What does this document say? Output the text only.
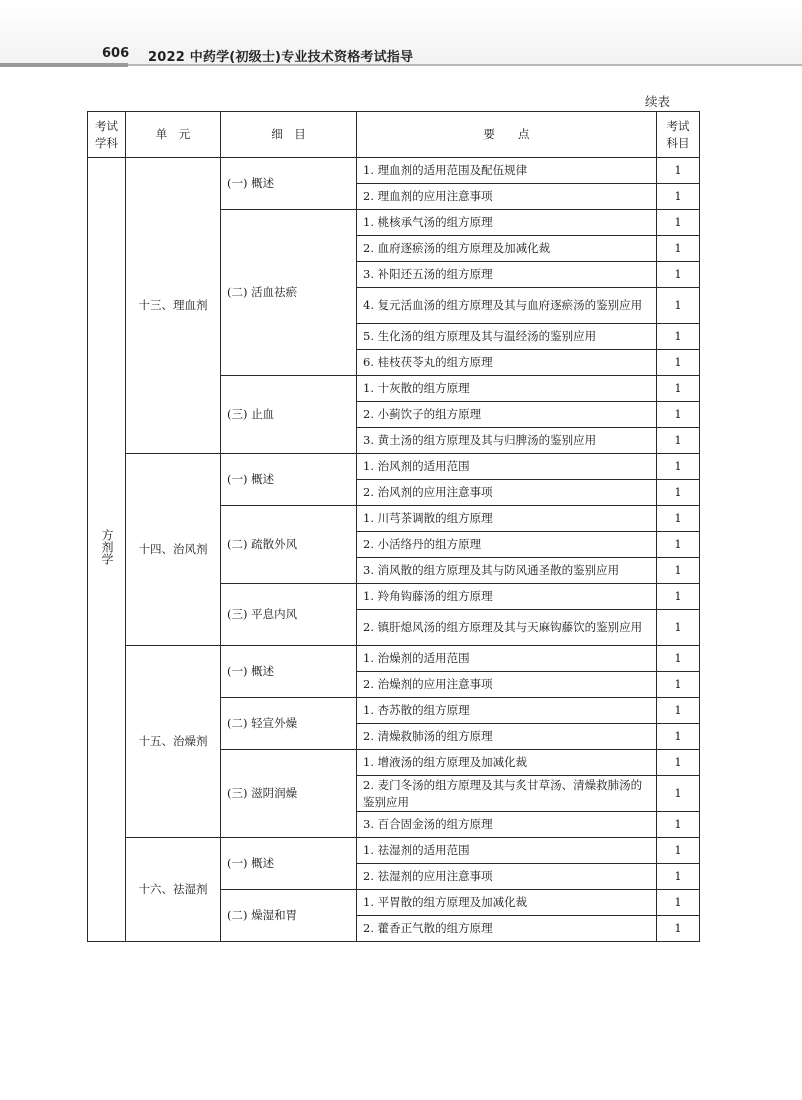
606 2022 中药学(初级士)专业技术资格考试指导
续表
考试学科	单　元	细　目	要　　点	考试科目
方剂学	十三、理血剂	(一) 概述	1. 理血剂的适用范围及配伍规律	1
			2. 理血剂的应用注意事项	1
		(二) 活血祛瘀	1. 桃核承气汤的组方原理	1
			2. 血府逐瘀汤的组方原理及加减化裁	1
			3. 补阳还五汤的组方原理	1
			4. 复元活血汤的组方原理及其与血府逐瘀汤的鉴别应用	1
			5. 生化汤的组方原理及其与温经汤的鉴别应用	1
			6. 桂枝茯苓丸的组方原理	1
		(三) 止血	1. 十灰散的组方原理	1
			2. 小蓟饮子的组方原理	1
			3. 黄土汤的组方原理及其与归脾汤的鉴别应用	1
	十四、治风剂	(一) 概述	1. 治风剂的适用范围	1
			2. 治风剂的应用注意事项	1
		(二) 疏散外风	1. 川芎茶调散的组方原理	1
			2. 小活络丹的组方原理	1
			3. 消风散的组方原理及其与防风通圣散的鉴别应用	1
		(三) 平息内风	1. 羚角钩藤汤的组方原理	1
			2. 镇肝熄风汤的组方原理及其与天麻钩藤饮的鉴别应用	1
	十五、治燥剂	(一) 概述	1. 治燥剂的适用范围	1
			2. 治燥剂的应用注意事项	1
		(二) 轻宣外燥	1. 杏苏散的组方原理	1
			2. 清燥救肺汤的组方原理	1
		(三) 滋阴润燥	1. 增液汤的组方原理及加减化裁	1
			2. 麦门冬汤的组方原理及其与炙甘草汤、清燥救肺汤的鉴别应用	1
			3. 百合固金汤的组方原理	1
	十六、祛湿剂	(一) 概述	1. 祛湿剂的适用范围	1
			2. 祛湿剂的应用注意事项	1
		(二) 燥湿和胃	1. 平胃散的组方原理及加减化裁	1
			2. 藿香正气散的组方原理	1
